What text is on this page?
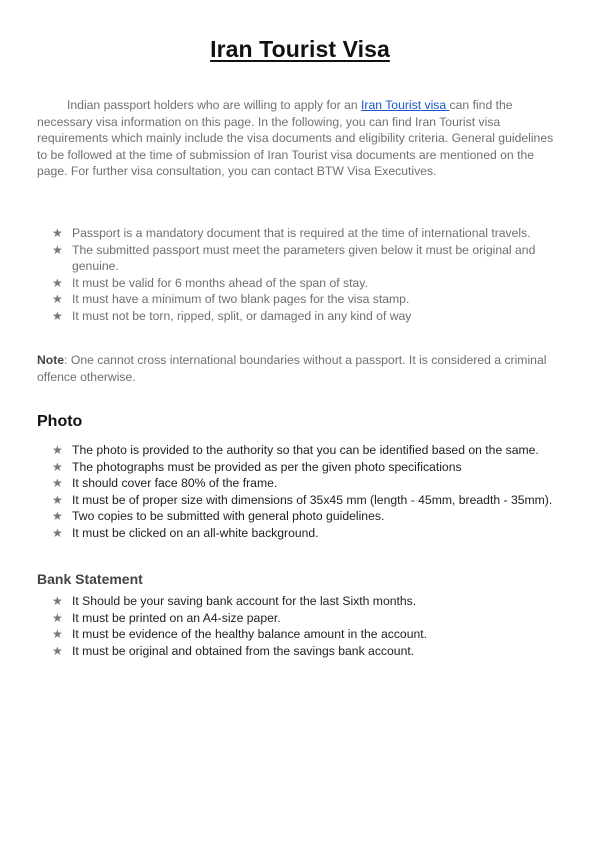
Iran Tourist Visa

Indian passport holders who are willing to apply for an Iran Tourist visa can find the necessary visa information on this page. In the following, you can find Iran Tourist visa requirements which mainly include the visa documents and eligibility criteria. General guidelines to be followed at the time of submission of Iran Tourist visa documents are mentioned on the page. For further visa consultation, you can contact BTW Visa Executives.

★ Passport is a mandatory document that is required at the time of international travels.
★ The submitted passport must meet the parameters given below it must be original and genuine.
★ It must be valid for 6 months ahead of the span of stay.
★ It must have a minimum of two blank pages for the visa stamp.
★ It must not be torn, ripped, split, or damaged in any kind of way

Note: One cannot cross international boundaries without a passport. It is considered a criminal offence otherwise.

Photo
★ The photo is provided to the authority so that you can be identified based on the same.
★ The photographs must be provided as per the given photo specifications
★ It should cover face 80% of the frame.
★ It must be of proper size with dimensions of 35x45 mm (length - 45mm, breadth - 35mm).
★ Two copies to be submitted with general photo guidelines.
★ It must be clicked on an all-white background.
Bank Statement
★ It Should be your saving bank account for the last Sixth months.
★ It must be printed on an A4-size paper.
★ It must be evidence of the healthy balance amount in the account.
★ It must be original and obtained from the savings bank account.
